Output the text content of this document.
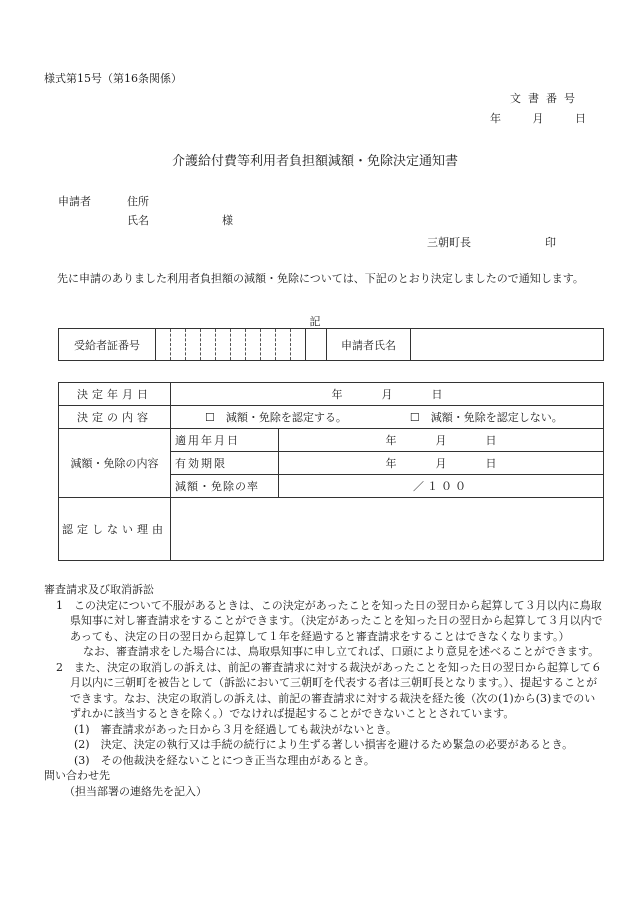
様式第15号（第16条関係）
文書番号
年	月	日
介護給付費等利用者負担額減額・免除決定通知書
申請者	住所
氏名	様
三朝町長	印
先に申請のありました利用者負担額の減額・免除については、下記のとおり決定しましたので通知します。
記
受給者証番号												申請者氏名	
決定年月日	年 月 日	
決定の内容	☐　減額・免除を認定する。 ☐　減額・免除を認定しない。	
減額・免除の内容	適用年月日	年 月 日
	有効期限	年 月 日
	減額・免除の率	／１００
認定しない理由		

審査請求及び取消訴訟

1　この決定について不服があるときは、この決定があったことを知った日の翌日から起算して３月以内に鳥取県知事に対し審査請求をすることができます。（決定があったことを知った日の翌日から起算して３月以内であっても、決定の日の翌日から起算して１年を経過すると審査請求をすることはできなくなります。）

なお、審査請求をした場合には、鳥取県知事に申し立てれば、口頭により意見を述べることができます。

2　また、決定の取消しの訴えは、前記の審査請求に対する裁決があったことを知った日の翌日から起算して６月以内に三朝町を被告として（訴訟において三朝町を代表する者は三朝町長となります。）、提起することができます。なお、決定の取消しの訴えは、前記の審査請求に対する裁決を経た後（次の(1)から(3)までのいずれかに該当するときを除く。）でなければ提起することができないこととされています。

(1)　審査請求があった日から３月を経過しても裁決がないとき。

(2)　決定、決定の執行又は手続の続行により生ずる著しい損害を避けるため緊急の必要があるとき。

(3)　その他裁決を経ないことにつき正当な理由があるとき。

問い合わせ先

（担当部署の連絡先を記入）
